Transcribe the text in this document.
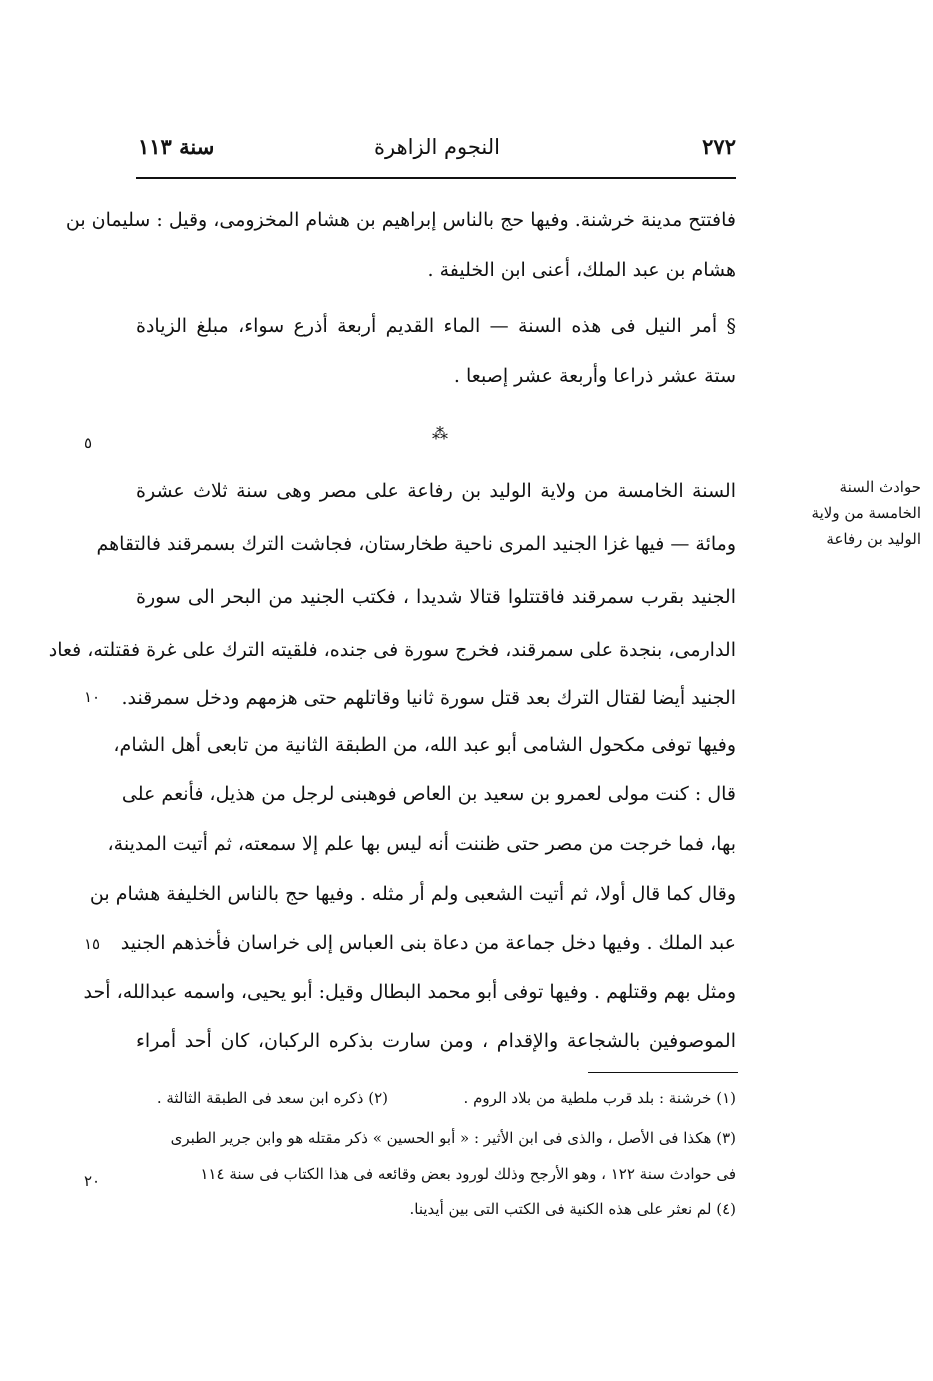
٢٧٢
النجوم الزاهرة
سنة ١١٣
فافتتح مدينة خرشنة. وفيها حج بالناس إبراهيم بن هشام المخزومى، وقيل : سليمان بن
هشام بن عبد الملك، أعنى ابن الخليفة .
§ أمر النيل فى هذه السنة — الماء القديم أربعة أذرع سواء، مبلغ الزيادة
ستة عشر ذراعا وأربعة عشر إصبعا .
⁂
السنة الخامسة من ولاية الوليد بن رفاعة على مصر وهى سنة ثلاث عشرة
ومائة — فيها غزا الجنيد المرى ناحية طخارستان، فجاشت الترك بسمرقند فالتقاهم
الجنيد بقرب سمرقند فاقتتلوا قتالا شديدا ، فكتب الجنيد من البحر الى سورة
الدارمى، بنجدة على سمرقند، فخرج سورة فى جنده، فلقيته الترك على غرة فقتلته، فعاد
الجنيد أيضا لقتال الترك بعد قتل سورة ثانيا وقاتلهم حتى هزمهم ودخل سمرقند.
وفيها توفى مكحول الشامى أبو عبد الله، من الطبقة الثانية من تابعى أهل الشام،
قال : كنت مولى لعمرو بن سعيد بن العاص فوهبنى لرجل من هذيل، فأنعم على
بها، فما خرجت من مصر حتى ظننت أنه ليس بها علم إلا سمعته، ثم أتيت المدينة،
وقال كما قال أولا، ثم أتيت الشعبى ولم أر مثله . وفيها حج بالناس الخليفة هشام بن
عبد الملك . وفيها دخل جماعة من دعاة بنى العباس إلى خراسان فأخذهم الجنيد
ومثل بهم وقتلهم . وفيها توفى أبو محمد البطال وقيل: أبو يحيى، واسمه عبدالله، أحد
الموصوفين بالشجاعة والإقدام ، ومن سارت بذكره الركبان، كان أحد أمراء
حوادث السنة
الخامسة من ولاية
الوليد بن رفاعة
٥
١٠
١٥
٢٠
(١) خرشنة : بلد قرب ملطية من بلاد الروم .
(٢) ذكره ابن سعد فى الطبقة الثالثة .
(٣) هكذا فى الأصل ، والذى فى ابن الأثير : « أبو الحسين » ذكر مقتله هو وابن جرير الطبرى
فى حوادث سنة ١٢٢ ، وهو الأرجح وذلك لورود بعض وقائعه فى هذا الكتاب فى سنة ١١٤
(٤) لم نعثر على هذه الكنية فى الكتب التى بين أيدينا.
